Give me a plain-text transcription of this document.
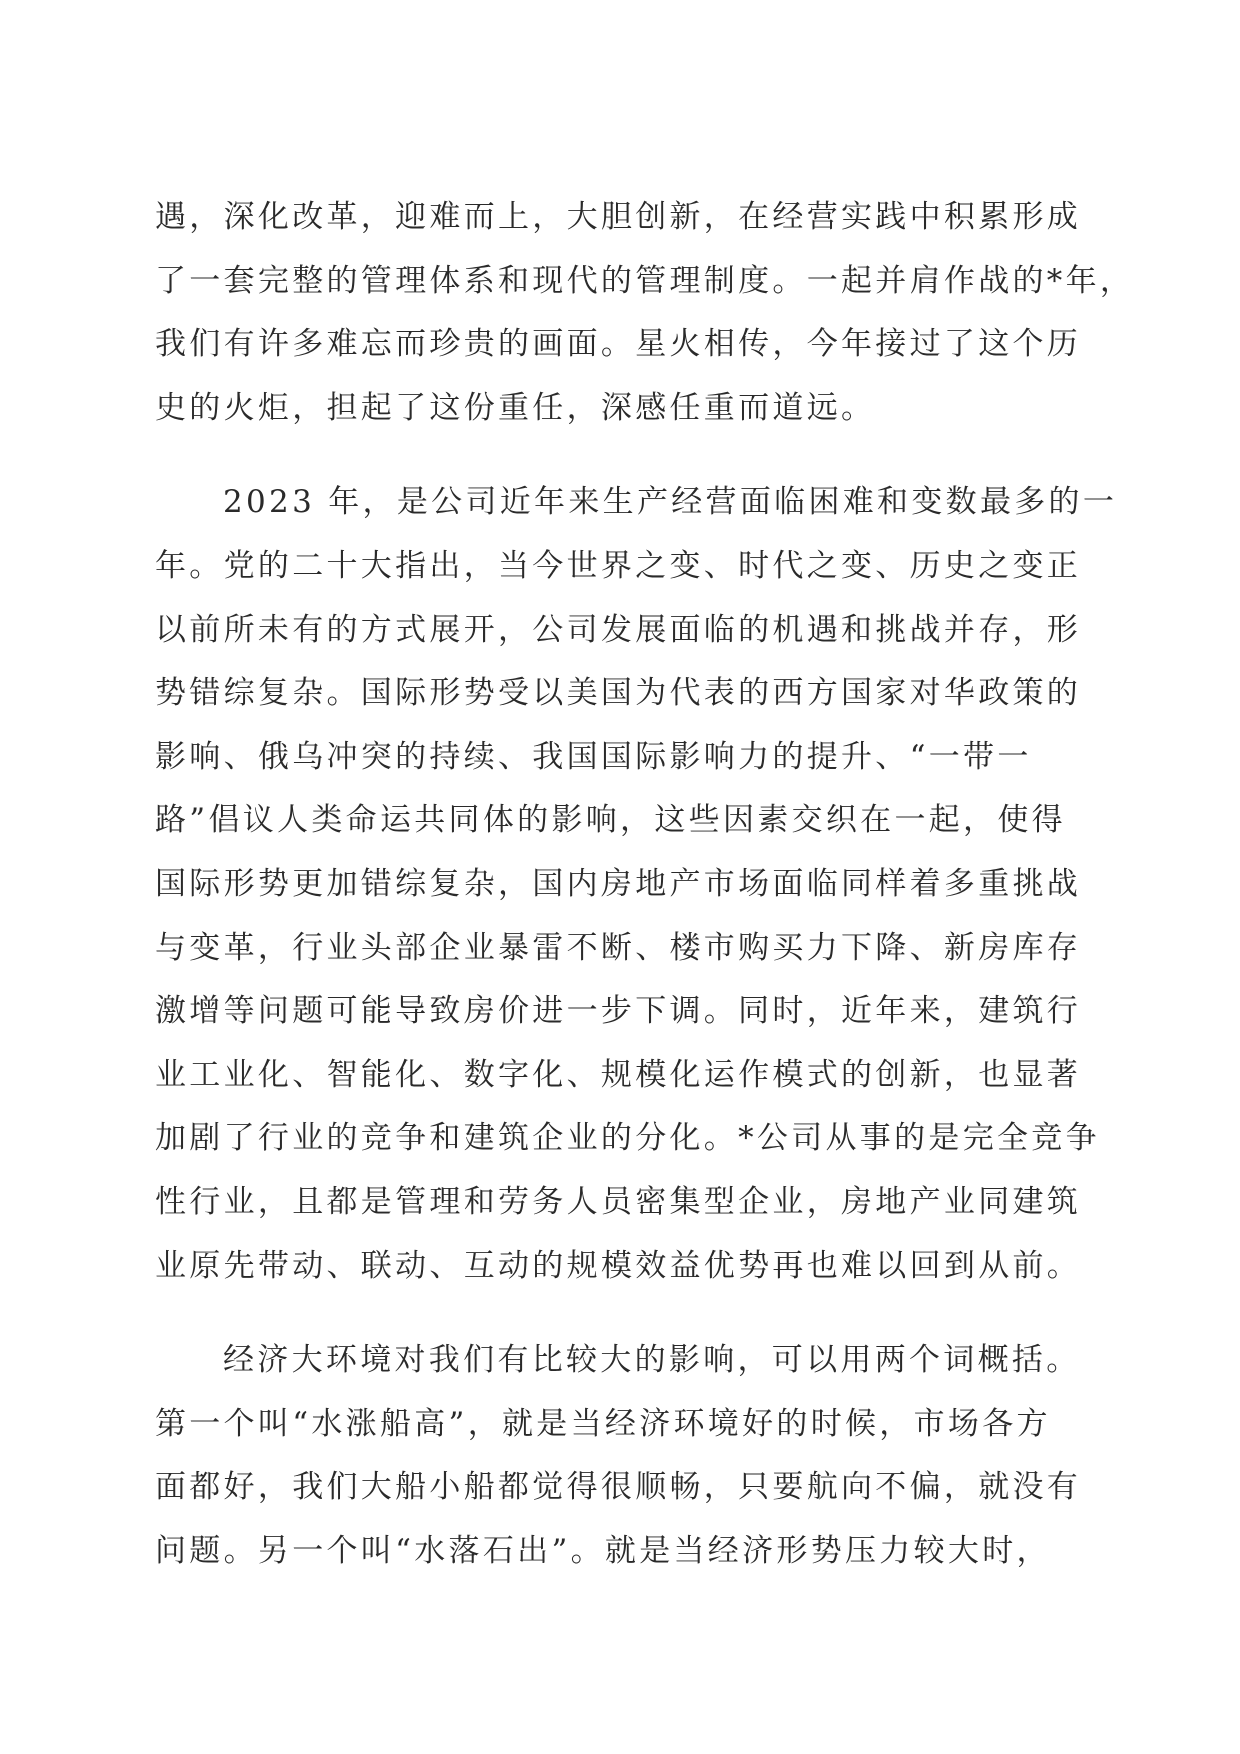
遇，深化改革，迎难而上，大胆创新，在经营实践中积累形成
了一套完整的管理体系和现代的管理制度。一起并肩作战的*年，
我们有许多难忘而珍贵的画面。星火相传，今年接过了这个历
史的火炬，担起了这份重任，深感任重而道远。
2023 年，是公司近年来生产经营面临困难和变数最多的一
年。党的二十大指出，当今世界之变、时代之变、历史之变正
以前所未有的方式展开，公司发展面临的机遇和挑战并存，形
势错综复杂。国际形势受以美国为代表的西方国家对华政策的
影响、俄乌冲突的持续、我国国际影响力的提升、“一带一
路”倡议人类命运共同体的影响，这些因素交织在一起，使得
国际形势更加错综复杂，国内房地产市场面临同样着多重挑战
与变革，行业头部企业暴雷不断、楼市购买力下降、新房库存
激增等问题可能导致房价进一步下调。同时，近年来，建筑行
业工业化、智能化、数字化、规模化运作模式的创新，也显著
加剧了行业的竞争和建筑企业的分化。*公司从事的是完全竞争
性行业，且都是管理和劳务人员密集型企业，房地产业同建筑
业原先带动、联动、互动的规模效益优势再也难以回到从前。
经济大环境对我们有比较大的影响，可以用两个词概括。
第一个叫“水涨船高”，就是当经济环境好的时候，市场各方
面都好，我们大船小船都觉得很顺畅，只要航向不偏，就没有
问题。另一个叫“水落石出”。就是当经济形势压力较大时，
